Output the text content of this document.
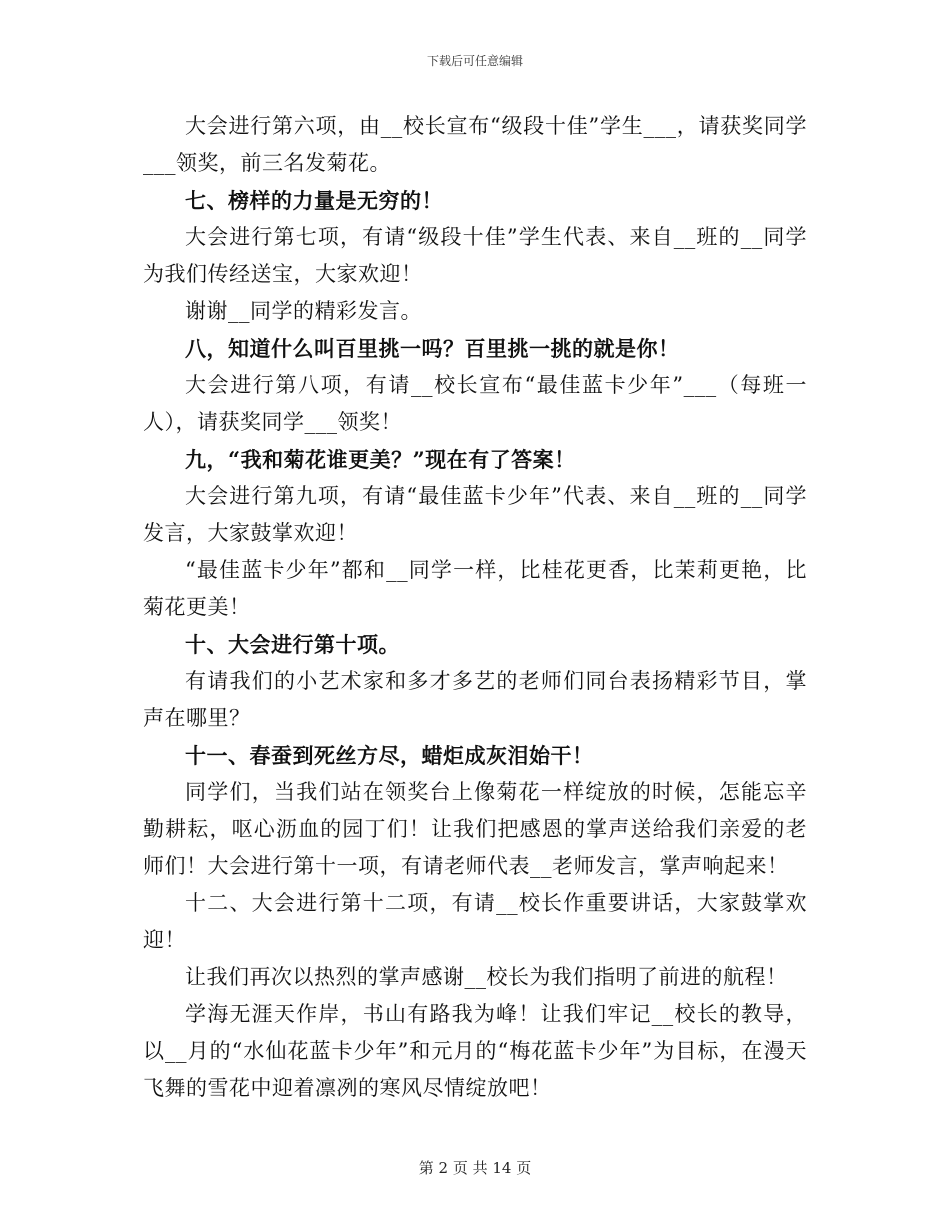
下载后可任意编辑

大会进行第六项，由__校长宣布“级段十佳”学生___，请获奖同学___领奖，前三名发菊花。

七、榜样的力量是无穷的！

大会进行第七项，有请“级段十佳”学生代表、来自__班的__同学为我们传经送宝，大家欢迎！

谢谢__同学的精彩发言。

八，知道什么叫百里挑一吗？百里挑一挑的就是你！

大会进行第八项，有请__校长宣布“最佳蓝卡少年”___（每班一人），请获奖同学___领奖！

九，“我和菊花谁更美？”现在有了答案！

大会进行第九项，有请“最佳蓝卡少年”代表、来自__班的__同学发言，大家鼓掌欢迎！

“最佳蓝卡少年”都和__同学一样，比桂花更香，比茉莉更艳，比菊花更美！

十、大会进行第十项。

有请我们的小艺术家和多才多艺的老师们同台表扬精彩节目，掌声在哪里？

十一、春蚕到死丝方尽，蜡炬成灰泪始干！

同学们，当我们站在领奖台上像菊花一样绽放的时候，怎能忘辛勤耕耘，呕心沥血的园丁们！让我们把感恩的掌声送给我们亲爱的老师们！大会进行第十一项，有请老师代表__老师发言，掌声响起来！

十二、大会进行第十二项，有请__校长作重要讲话，大家鼓掌欢迎！

让我们再次以热烈的掌声感谢__校长为我们指明了前进的航程！

学海无涯天作岸，书山有路我为峰！让我们牢记__校长的教导，以__月的“水仙花蓝卡少年”和元月的“梅花蓝卡少年”为目标，在漫天飞舞的雪花中迎着凛冽的寒风尽情绽放吧！

第 2 页 共 14 页
